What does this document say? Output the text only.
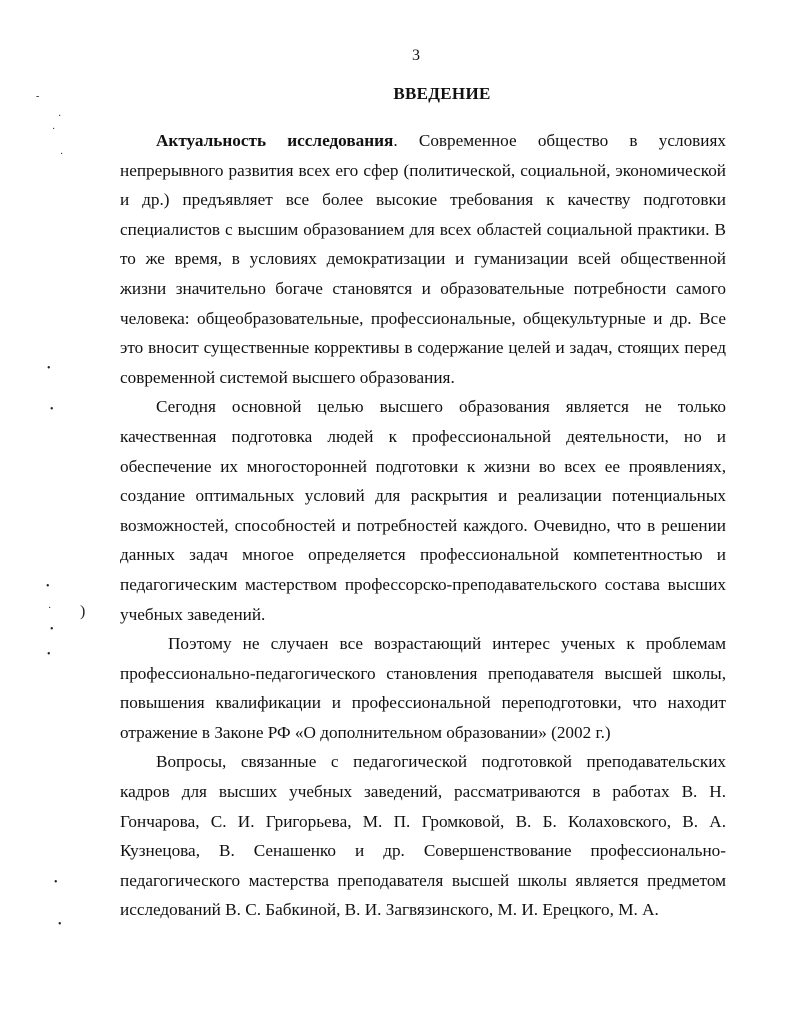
3
ВВЕДЕНИЕ

Актуальность исследования. Современное общество в условиях непрерывного развития всех его сфер (политической, социальной, экономической и др.) предъявляет все более высокие требования к качеству подготовки специалистов с высшим образованием для всех областей социальной практики. В то же время, в условиях демократизации и гуманизации всей общественной жизни значительно богаче становятся и образовательные потребности самого человека: общеобразовательные, профессиональные, общекультурные и др. Все это вносит существенные коррективы в содержание целей и задач, стоящих перед современной системой высшего образования.

Сегодня основной целью высшего образования является не только качественная подготовка людей к профессиональной деятельности, но и обеспечение их многосторонней подготовки к жизни во всех ее проявлениях, создание оптимальных условий для раскрытия и реализации потенциальных возможностей, способностей и потребностей каждого. Очевидно, что в решении данных задач многое определяется профессиональной компетентностью и педагогическим мастерством профессорско-преподавательского состава высших учебных заведений.

Поэтому не случаен все возрастающий интерес ученых к проблемам профессионально-педагогического становления преподавателя высшей школы, повышения квалификации и профессиональной переподготовки, что находит отражение в Законе РФ «О дополнительном образовании» (2002 г.)

Вопросы, связанные с педагогической подготовкой преподавательских кадров для высших учебных заведений, рассматриваются в работах В. Н. Гончарова, С. И. Григорьева, М. П. Громковой, В. Б. Колаховского, В. А. Кузнецова, В. Сенашенко и др. Совершенствование профессионально-педагогического мастерства преподавателя высшей школы является предметом исследований В. С. Бабкиной, В. И. Загвязинского, М. И. Ерецкого, М. А.

-
·
·
·
•
•
•
· )
•
•
•
•
